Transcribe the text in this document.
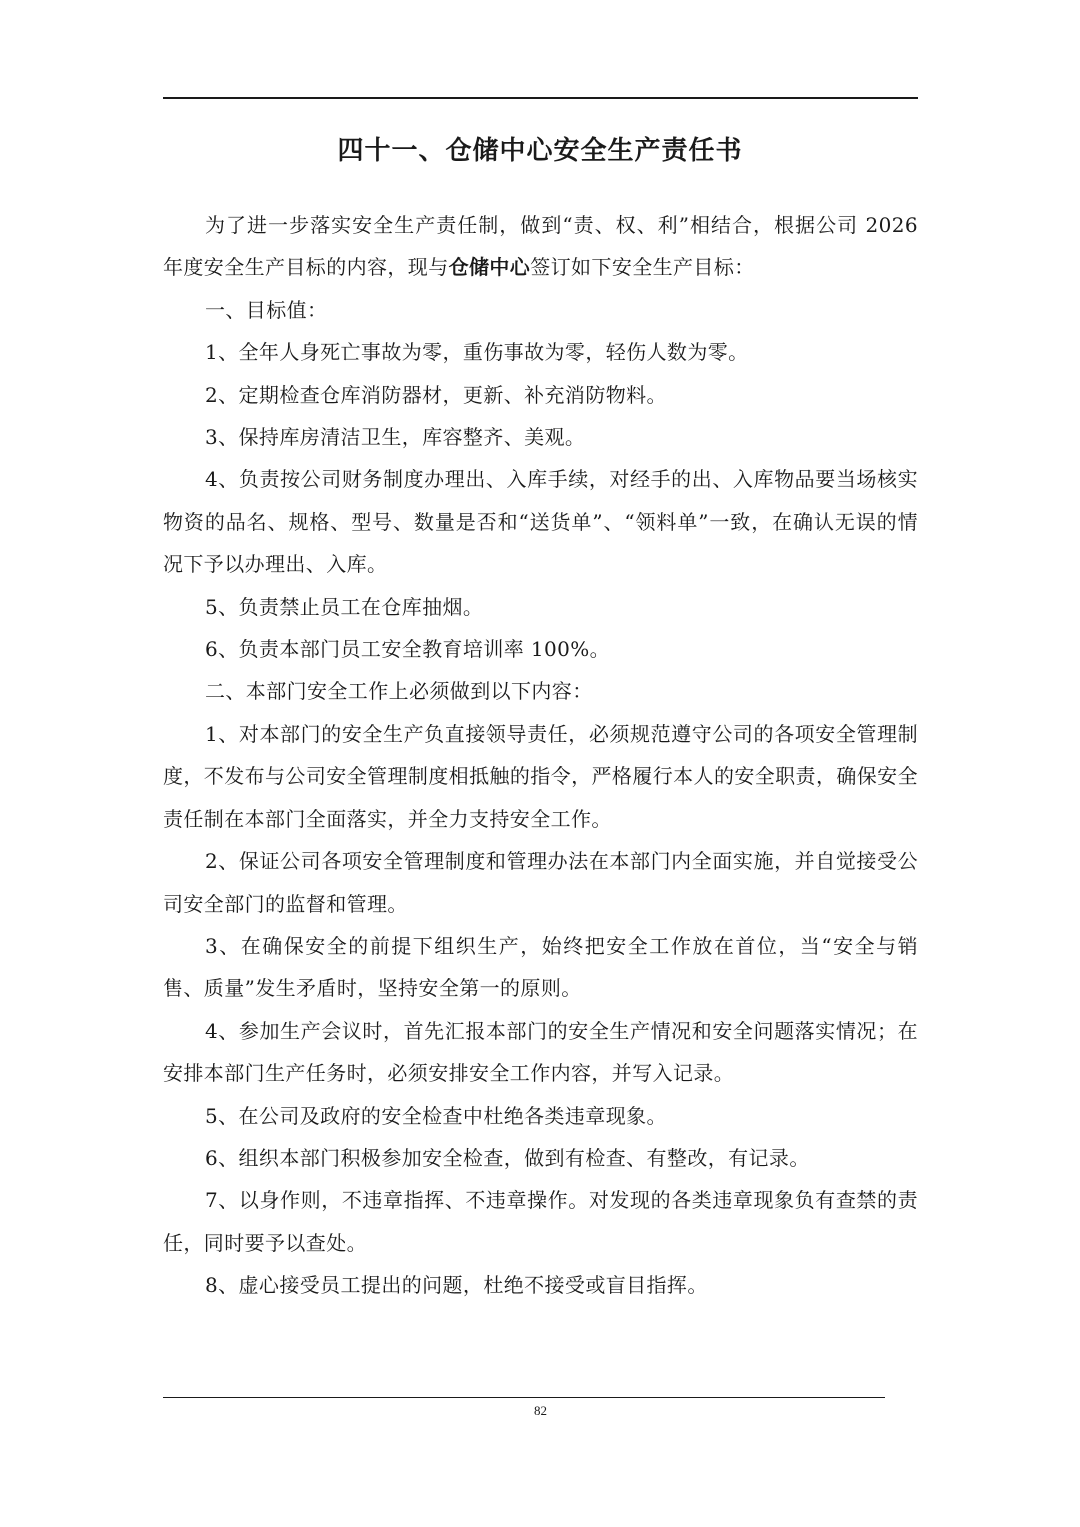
四十一、仓储中心安全生产责任书

为了进一步落实安全生产责任制，做到“责、权、利”相结合，根据公司 2026 年度安全生产目标的内容，现与仓储中心签订如下安全生产目标：

一、目标值：

1、全年人身死亡事故为零，重伤事故为零，轻伤人数为零。

2、定期检查仓库消防器材，更新、补充消防物料。

3、保持库房清洁卫生，库容整齐、美观。

4、负责按公司财务制度办理出、入库手续，对经手的出、入库物品要当场核实物资的品名、规格、型号、数量是否和“送货单”、“领料单”一致，在确认无误的情况下予以办理出、入库。

5、负责禁止员工在仓库抽烟。

6、负责本部门员工安全教育培训率 100%。

二、本部门安全工作上必须做到以下内容：

1、对本部门的安全生产负直接领导责任，必须规范遵守公司的各项安全管理制度，不发布与公司安全管理制度相抵触的指令，严格履行本人的安全职责，确保安全责任制在本部门全面落实，并全力支持安全工作。

2、保证公司各项安全管理制度和管理办法在本部门内全面实施，并自觉接受公司安全部门的监督和管理。

3、在确保安全的前提下组织生产，始终把安全工作放在首位，当“安全与销售、质量”发生矛盾时，坚持安全第一的原则。

4、参加生产会议时，首先汇报本部门的安全生产情况和安全问题落实情况；在安排本部门生产任务时，必须安排安全工作内容，并写入记录。

5、在公司及政府的安全检查中杜绝各类违章现象。

6、组织本部门积极参加安全检查，做到有检查、有整改，有记录。

7、以身作则，不违章指挥、不违章操作。对发现的各类违章现象负有查禁的责任，同时要予以查处。

8、虚心接受员工提出的问题，杜绝不接受或盲目指挥。

82
